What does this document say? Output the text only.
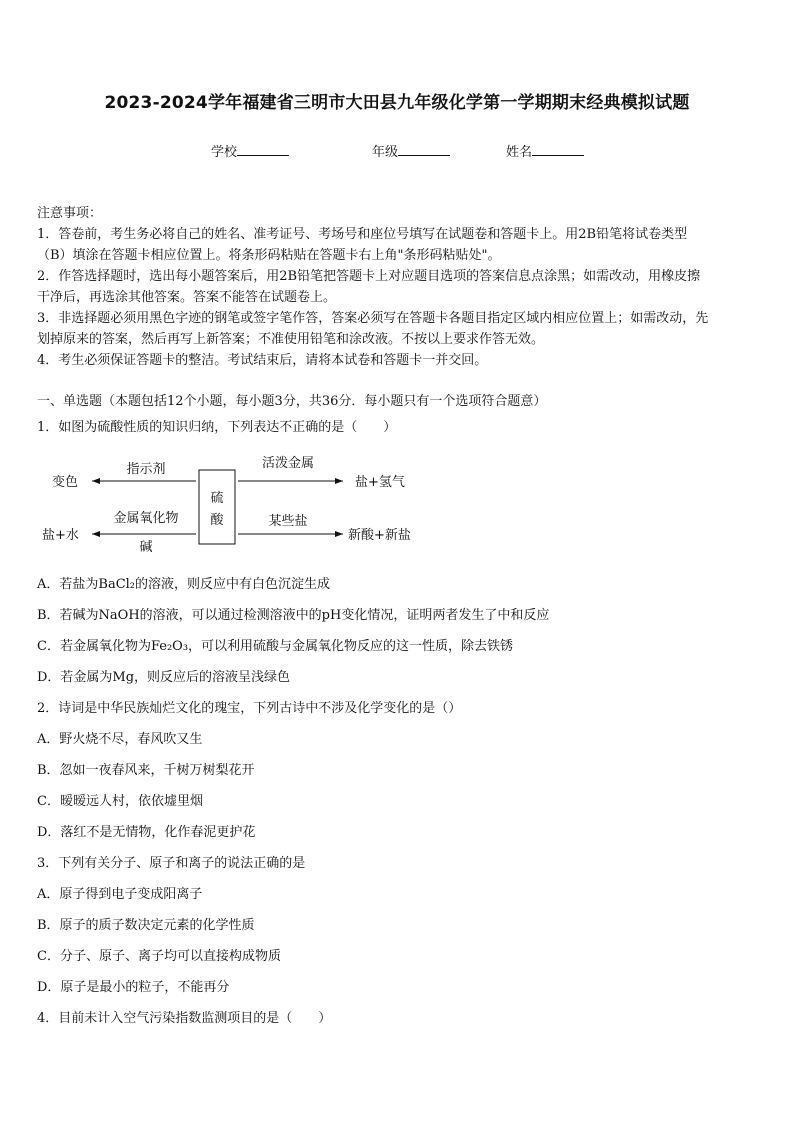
2023-2024学年福建省三明市大田县九年级化学第一学期期末经典模拟试题
学校	年级	姓名
注意事项：
1．答卷前，考生务必将自己的姓名、准考证号、考场号和座位号填写在试题卷和答题卡上。用2B铅笔将试卷类型
（B）填涂在答题卡相应位置上。将条形码粘贴在答题卡右上角"条形码粘贴处"。
2．作答选择题时，选出每小题答案后，用2B铅笔把答题卡上对应题目选项的答案信息点涂黑；如需改动，用橡皮擦
干净后，再选涂其他答案。答案不能答在试题卷上。
3．非选择题必须用黑色字迹的钢笔或签字笔作答，答案必须写在答题卡各题目指定区域内相应位置上；如需改动，先
划掉原来的答案，然后再写上新答案；不准使用铅笔和涂改液。不按以上要求作答无效。
4．考生必须保证答题卡的整洁。考试结束后，请将本试卷和答题卡一并交回。
一、单选题（本题包括12个小题，每小题3分，共36分．每小题只有一个选项符合题意）
1．如图为硫酸性质的知识归纳，下列表达不正确的是（　　）
硫
酸
指示剂
变色
金属氧化物
碱
盐+水
活泼金属
盐+氢气
某些盐
新酸+新盐
A．若盐为BaCl₂的溶液，则反应中有白色沉淀生成
B．若碱为NaOH的溶液，可以通过检测溶液中的pH变化情况，证明两者发生了中和反应
C．若金属氧化物为Fe₂O₃，可以利用硫酸与金属氧化物反应的这一性质，除去铁锈
D．若金属为Mg，则反应后的溶液呈浅绿色
2．诗词是中华民族灿烂文化的瑰宝，下列古诗中不涉及化学变化的是（）
A．野火烧不尽，春风吹又生
B．忽如一夜春风来，千树万树梨花开
C．暧暧远人村，依依墟里烟
D．落红不是无情物，化作春泥更护花
3．下列有关分子、原子和离子的说法正确的是
A．原子得到电子变成阳离子
B．原子的质子数决定元素的化学性质
C．分子、原子、离子均可以直接构成物质
D．原子是最小的粒子，不能再分
4．目前未计入空气污染指数监测项目的是（　　）
